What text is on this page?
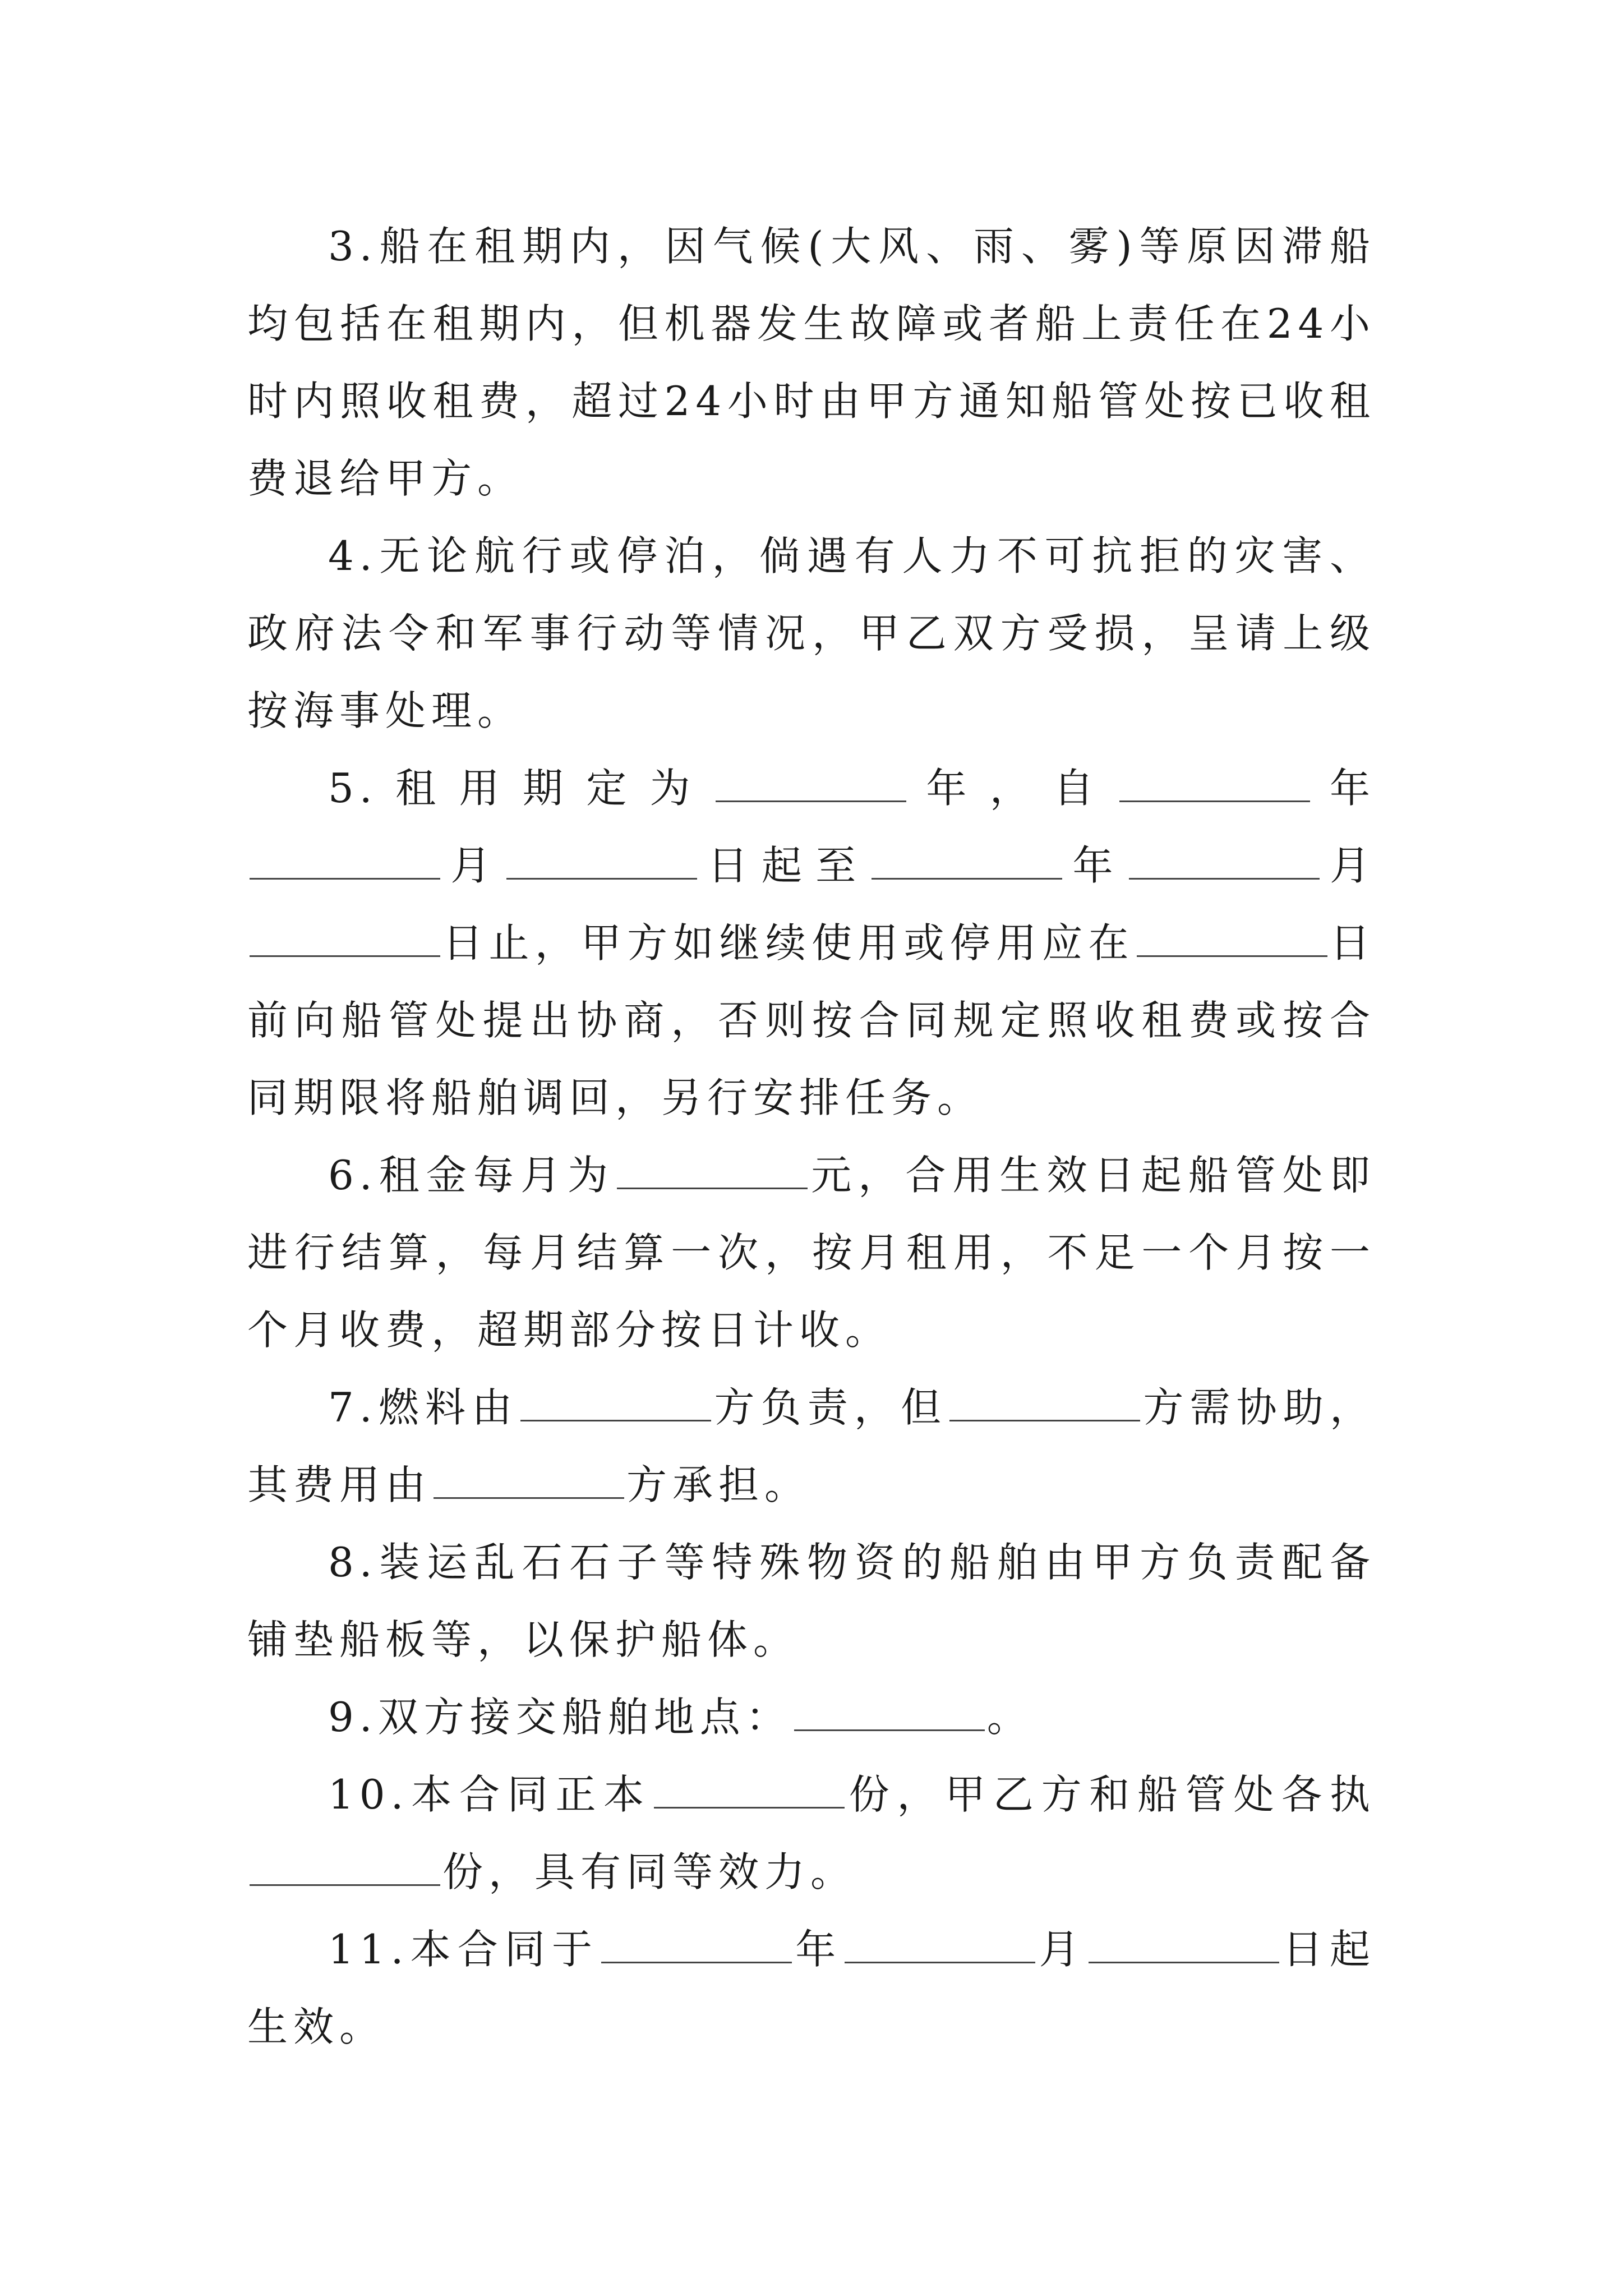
3.船在租期内，因气候(大风、雨、雾)等原因滞船均包括在租期内，但机器发生故障或者船上责任在24小时内照收租费，超过24小时由甲方通知船管处按已收租费退给甲方。

4.无论航行或停泊，倘遇有人力不可抗拒的灾害、政府法令和军事行动等情况，甲乙双方受损，呈请上级按海事处理。

5.租用期定为	年，自	年月	日起至	年	月日止，甲方如继续使用或停用应在	日前向船管处提出协商，否则按合同规定照收租费或按合同期限将船舶调回，另行安排任务。

6.租金每月为	元，合用生效日起船管处即进行结算，每月结算一次，按月租用，不足一个月按一个月收费，超期部分按日计收。

7.燃料由	方负责，但	方需协助，其费用由	方承担。

8.装运乱石石子等特殊物资的船舶由甲方负责配备铺垫船板等，以保护船体。

9.双方接交船舶地点：	。

10.本合同正本	份，甲乙方和船管处各执份，具有同等效力。

11.本合同于	年	月	日起生效。
